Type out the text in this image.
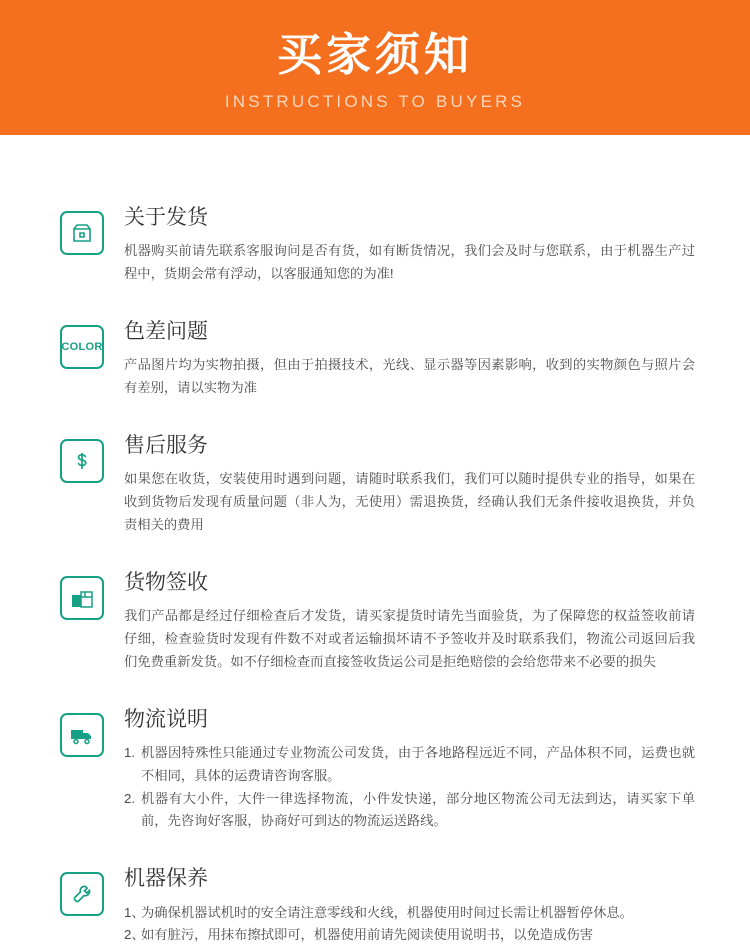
买家须知
INSTRUCTIONS TO BUYERS
关于发货

机器购买前请先联系客服询问是否有货，如有断货情况，我们会及时与您联系，由于机器生产过程中，货期会常有浮动，以客服通知您的为准!

COLOR
色差问题

产品图片均为实物拍摄，但由于拍摄技术，光线、显示器等因素影响，收到的实物颜色与照片会有差别，请以实物为准

售后服务

如果您在收货，安装使用时遇到问题，请随时联系我们，我们可以随时提供专业的指导，如果在收到货物后发现有质量问题（非人为，无使用）需退换货，经确认我们无条件接收退换货，并负责相关的费用

货物签收

我们产品都是经过仔细检查后才发货，请买家提货时请先当面验货，为了保障您的权益签收前请仔细，检查验货时发现有件数不对或者运输损坏请不予签收并及时联系我们，物流公司返回后我们免费重新发货。如不仔细检查而直接签收货运公司是拒绝赔偿的会给您带来不必要的损失

物流说明
1. 机器因特殊性只能通过专业物流公司发货，由于各地路程远近不同，产品体积不同，运费也就不相同，具体的运费请咨询客服。
2. 机器有大小件，大件一律选择物流，小件发快递，部分地区物流公司无法到达，请买家下单前，先咨询好客服，协商好可到达的物流运送路线。
机器保养
1、
为确保机器试机时的安全请注意零线和火线，机器使用时间过长需让机器暂停休息。
2、
如有脏污，用抹布擦拭即可，机器使用前请先阅读使用说明书，以免造成伤害
